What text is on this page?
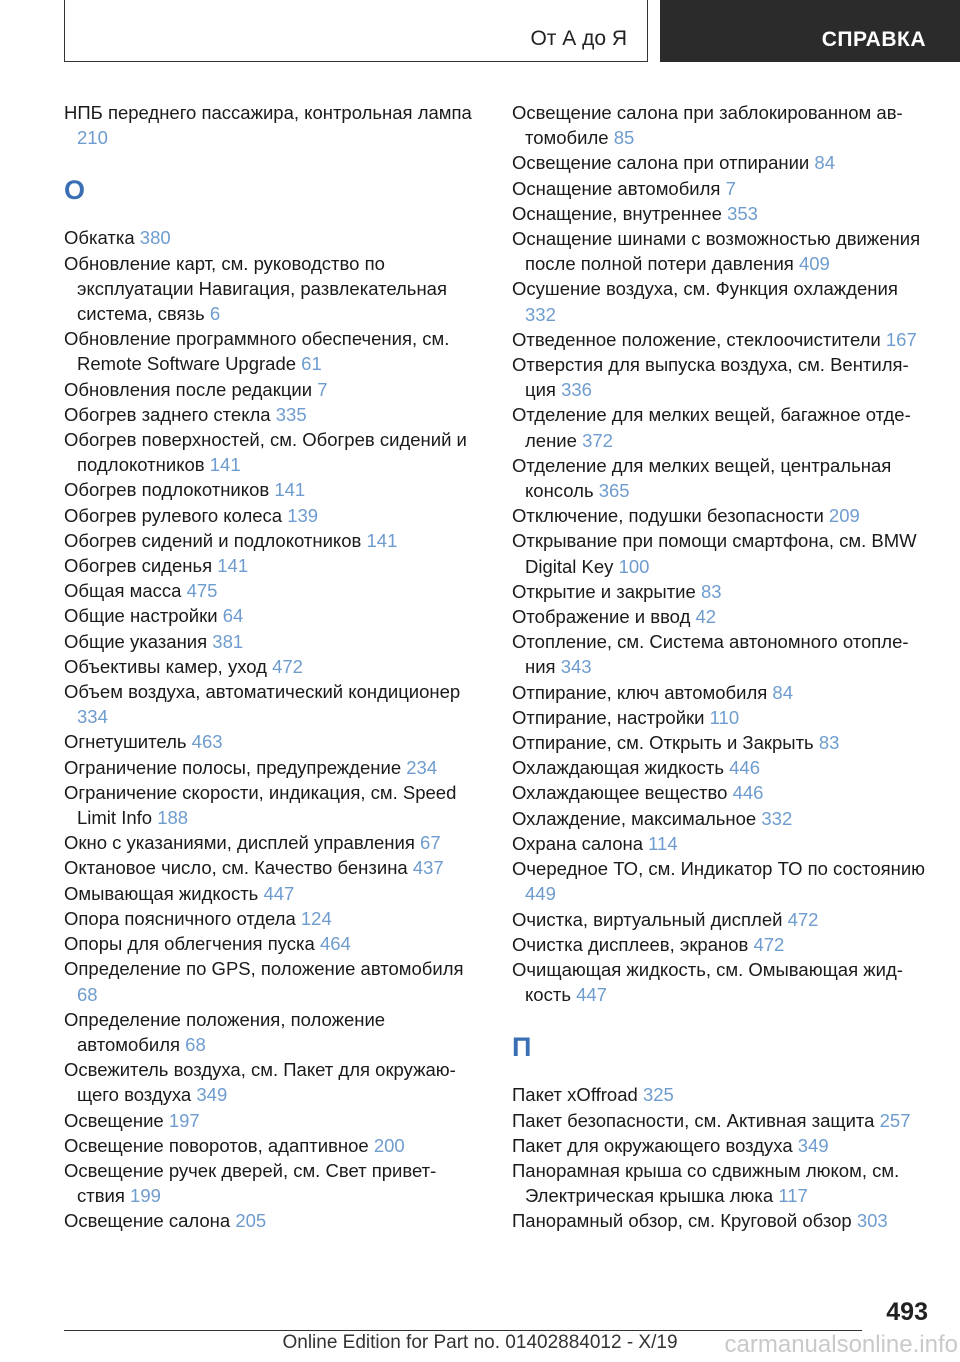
От А до Я	СПРАВКА
НПБ переднего пассажира, контрольная лампа 210
О
Обкатка 380
Обновление карт, см. руководство по эксплуатации Навигация, развлекательная система, связь 6
Обновление программного обеспечения, см. Remote Software Upgrade 61
Обновления после редакции 7
Обогрев заднего стекла 335
Обогрев поверхностей, см. Обогрев сидений и подлокотников 141
Обогрев подлокотников 141
Обогрев рулевого колеса 139
Обогрев сидений и подлокотников 141
Обогрев сиденья 141
Общая масса 475
Общие настройки 64
Общие указания 381
Объективы камер, уход 472
Объем воздуха, автоматический кондиционер 334
Огнетушитель 463
Ограничение полосы, предупреждение 234
Ограничение скорости, индикация, см. Speed Limit Info 188
Окно с указаниями, дисплей управления 67
Октановое число, см. Качество бензина 437
Омывающая жидкость 447
Опора поясничного отдела 124
Опоры для облегчения пуска 464
Определение по GPS, положение автомобиля 68
Определение положения, положение автомобиля 68
Освежитель воздуха, см. Пакет для окружающего воздуха 349
Освещение 197
Освещение поворотов, адаптивное 200
Освещение ручек дверей, см. Свет приветствия 199
Освещение салона 205
Освещение салона при заблокированном автомобиле 85
Освещение салона при отпирании 84
Оснащение автомобиля 7
Оснащение, внутреннее 353
Оснащение шинами с возможностью движения после полной потери давления 409
Осушение воздуха, см. Функция охлаждения 332
Отведенное положение, стеклоочистители 167
Отверстия для выпуска воздуха, см. Вентиляция 336
Отделение для мелких вещей, багажное отделение 372
Отделение для мелких вещей, центральная консоль 365
Отключение, подушки безопасности 209
Открывание при помощи смартфона, см. BMW Digital Key 100
Открытие и закрытие 83
Отображение и ввод 42
Отопление, см. Система автономного отопления 343
Отпирание, ключ автомобиля 84
Отпирание, настройки 110
Отпирание, см. Открыть и Закрыть 83
Охлаждающая жидкость 446
Охлаждающее вещество 446
Охлаждение, максимальное 332
Охрана салона 114
Очередное ТО, см. Индикатор ТО по состоянию 449
Очистка, виртуальный дисплей 472
Очистка дисплеев, экранов 472
Очищающая жидкость, см. Омывающая жидкость 447
П
Пакет xOffroad 325
Пакет безопасности, см. Активная защита 257
Пакет для окружающего воздуха 349
Панорамная крыша со сдвижным люком, см. Электрическая крышка люка 117
Панорамный обзор, см. Круговой обзор 303
493
Online Edition for Part no. 01402884012 - X/19	carmanualsonline.info
